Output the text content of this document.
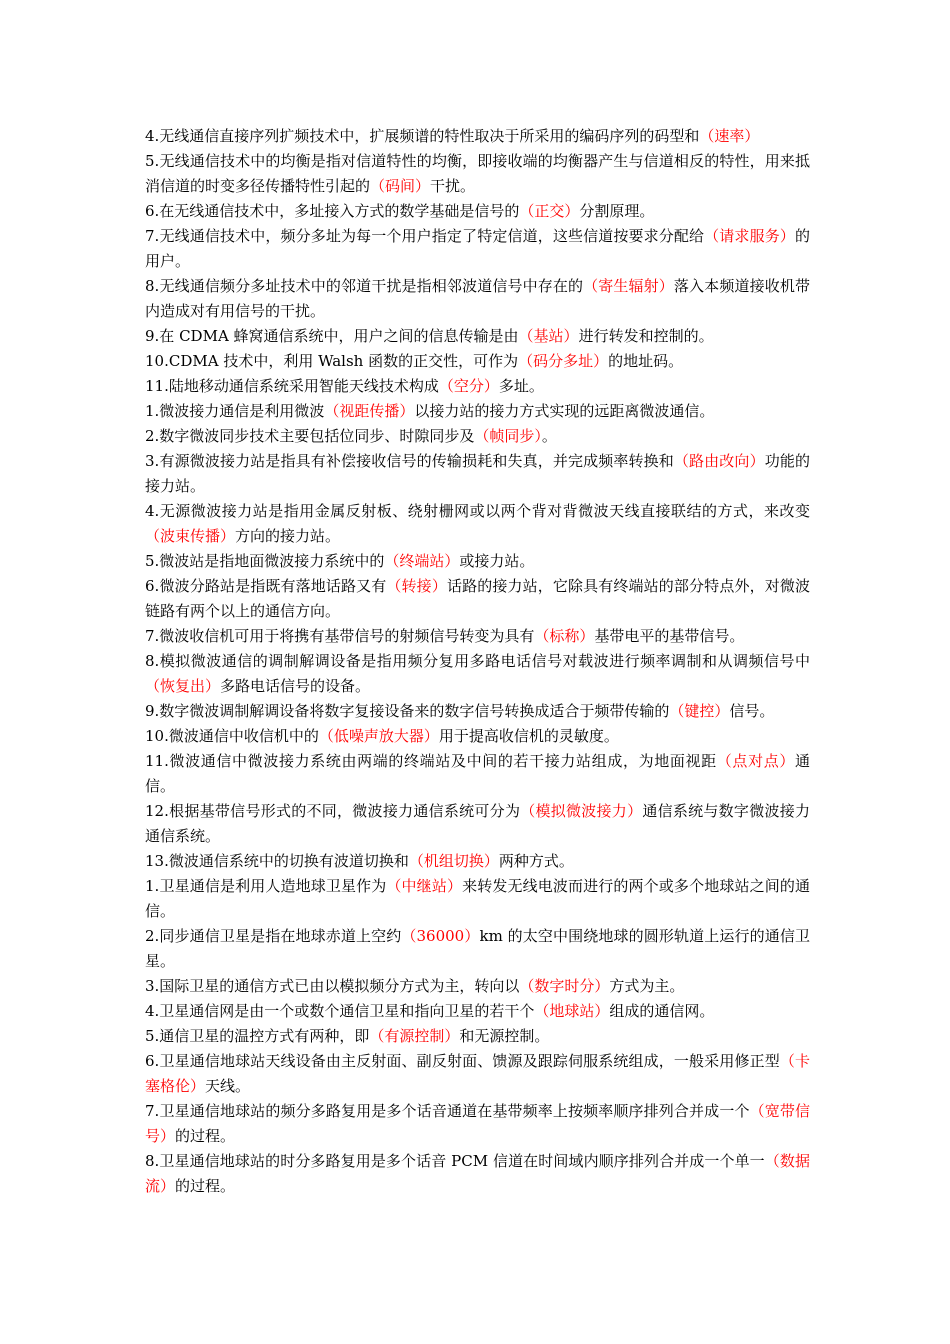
4.无线通信直接序列扩频技术中，扩展频谱的特性取决于所采用的编码序列的码型和（速率）

5.无线通信技术中的均衡是指对信道特性的均衡，即接收端的均衡器产生与信道相反的特性，用来抵消信道的时变多径传播特性引起的（码间）干扰。

6.在无线通信技术中，多址接入方式的数学基础是信号的（正交）分割原理。

7.无线通信技术中，频分多址为每一个用户指定了特定信道，这些信道按要求分配给（请求服务）的用户。

8.无线通信频分多址技术中的邻道干扰是指相邻波道信号中存在的（寄生辐射）落入本频道接收机带内造成对有用信号的干扰。

9.在 CDMA 蜂窝通信系统中，用户之间的信息传输是由（基站）进行转发和控制的。

10.CDMA 技术中，利用 Walsh 函数的正交性，可作为（码分多址）的地址码。

11.陆地移动通信系统采用智能天线技术构成（空分）多址。

1.微波接力通信是利用微波（视距传播）以接力站的接力方式实现的远距离微波通信。

2.数字微波同步技术主要包括位同步、时隙同步及（帧同步）。

3.有源微波接力站是指具有补偿接收信号的传输损耗和失真，并完成频率转换和（路由改向）功能的接力站。

4.无源微波接力站是指用金属反射板、绕射栅网或以两个背对背微波天线直接联结的方式，来改变（波束传播）方向的接力站。

5.微波站是指地面微波接力系统中的（终端站）或接力站。

6.微波分路站是指既有落地话路又有（转接）话路的接力站，它除具有终端站的部分特点外，对微波链路有两个以上的通信方向。

7.微波收信机可用于将携有基带信号的射频信号转变为具有（标称）基带电平的基带信号。

8.模拟微波通信的调制解调设备是指用频分复用多路电话信号对载波进行频率调制和从调频信号中（恢复出）多路电话信号的设备。

9.数字微波调制解调设备将数字复接设备来的数字信号转换成适合于频带传输的（键控）信号。

10.微波通信中收信机中的（低噪声放大器）用于提高收信机的灵敏度。

11.微波通信中微波接力系统由两端的终端站及中间的若干接力站组成，为地面视距（点对点）通信。

12.根据基带信号形式的不同，微波接力通信系统可分为（模拟微波接力）通信系统与数字微波接力通信系统。

13.微波通信系统中的切换有波道切换和（机组切换）两种方式。

1.卫星通信是利用人造地球卫星作为（中继站）来转发无线电波而进行的两个或多个地球站之间的通信。

2.同步通信卫星是指在地球赤道上空约（36000）km 的太空中围绕地球的圆形轨道上运行的通信卫星。

3.国际卫星的通信方式已由以模拟频分方式为主，转向以（数字时分）方式为主。

4.卫星通信网是由一个或数个通信卫星和指向卫星的若干个（地球站）组成的通信网。

5.通信卫星的温控方式有两种，即（有源控制）和无源控制。

6.卫星通信地球站天线设备由主反射面、副反射面、馈源及跟踪伺服系统组成，一般采用修正型（卡塞格伦）天线。

7.卫星通信地球站的频分多路复用是多个话音通道在基带频率上按频率顺序排列合并成一个（宽带信号）的过程。

8.卫星通信地球站的时分多路复用是多个话音 PCM 信道在时间域内顺序排列合并成一个单一（数据流）的过程。
